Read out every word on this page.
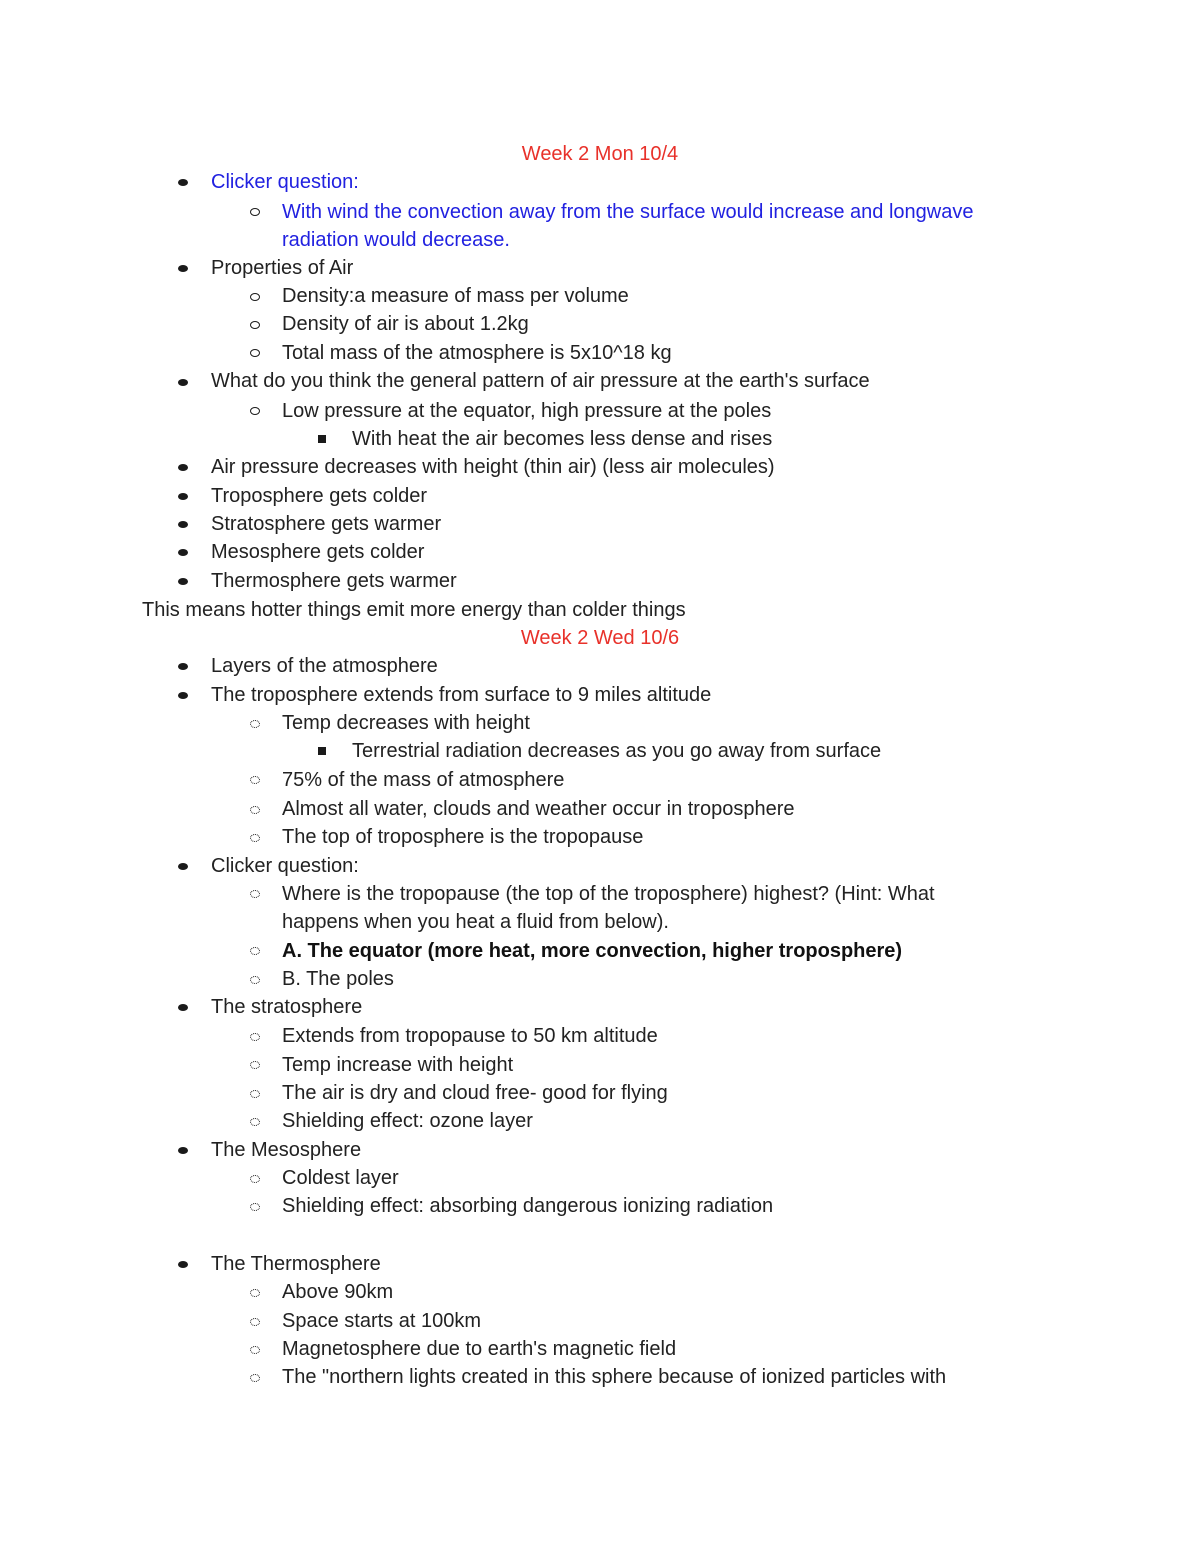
Week 2 Mon 10/4
Clicker question:
With wind the convection away from the surface would increase and longwave
radiation would decrease.
Properties of Air
Density:a measure of mass per volume
Density of air is about 1.2kg
Total mass of the atmosphere is 5x10^18 kg
What do you think the general pattern of air pressure at the earth's surface
Low pressure at the equator, high pressure at the poles
With heat the air becomes less dense and rises
Air pressure decreases with height (thin air) (less air molecules)
Troposphere gets colder
Stratosphere gets warmer
Mesosphere gets colder
Thermosphere gets warmer
This means hotter things emit more energy than colder things
Week 2 Wed 10/6
Layers of the atmosphere
The troposphere extends from surface to 9 miles altitude
Temp decreases with height
Terrestrial radiation decreases as you go away from surface
75% of the mass of atmosphere
Almost all water, clouds and weather occur in troposphere
The top of troposphere is the tropopause
Clicker question:
Where is the tropopause (the top of the troposphere) highest? (Hint: What
happens when you heat a fluid from below).
A. The equator (more heat, more convection, higher troposphere)
B. The poles
The stratosphere
Extends from tropopause to 50 km altitude
Temp increase with height
The air is dry and cloud free- good for flying
Shielding effect: ozone layer
The Mesosphere
Coldest layer
Shielding effect: absorbing dangerous ionizing radiation
The Thermosphere
Above 90km
Space starts at 100km
Magnetosphere due to earth's magnetic field
The "northern lights created in this sphere because of ionized particles with
